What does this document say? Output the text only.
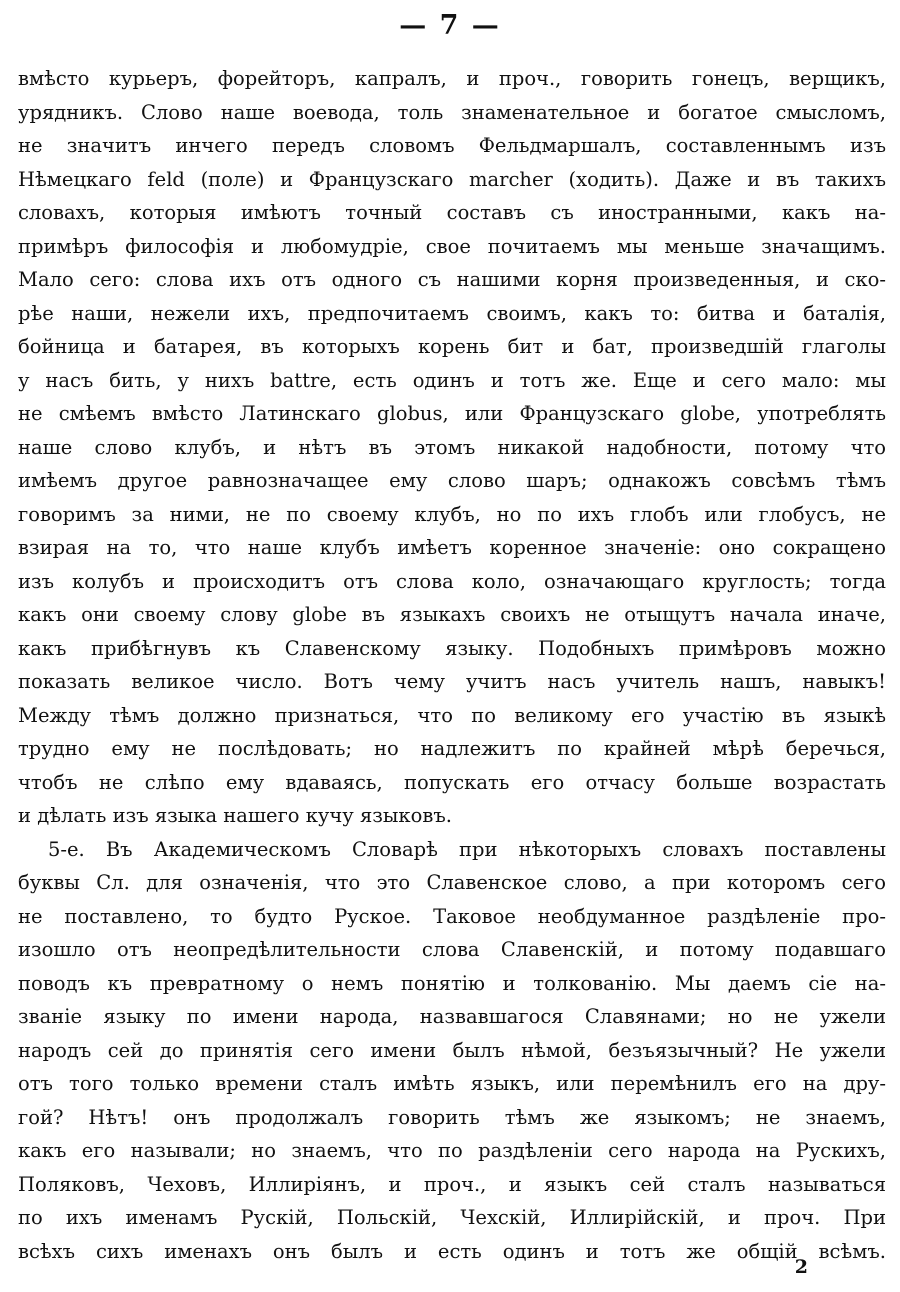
— 7 —
вмѣсто курьеръ, форейторъ, капралъ, и проч., говорить гонецъ, верщикъ,
урядникъ. Слово наше воевода, толь знаменательное и богатое смысломъ,
не значитъ инчего передъ словомъ Фельдмаршалъ, составленнымъ изъ
Нѣмецкаго feld (поле) и Французскаго marcher (ходить). Даже и въ такихъ
словахъ, которыя имѣютъ точный составъ съ иностранными, какъ на-
примѣръ философія и любомудріе, свое почитаемъ мы меньше значащимъ.
Мало сего: слова ихъ отъ одного съ нашими корня произведенныя, и ско-
рѣе наши, нежели ихъ, предпочитаемъ своимъ, какъ то: битва и баталія,
бойница и батарея, въ которыхъ корень бит и бат, произведшій глаголы
у насъ бить, у нихъ battre, есть одинъ и тотъ же. Еще и сего мало: мы
не смѣемъ вмѣсто Латинскаго globus, или Французскаго globe, употреблять
наше слово клубъ, и нѣтъ въ этомъ никакой надобности, потому что
имѣемъ другое равнозначащее ему слово шаръ; однакожъ совсѣмъ тѣмъ
говоримъ за ними, не по своему клубъ, но по ихъ глобъ или глобусъ, не
взирая на то, что наше клубъ имѣетъ коренное значеніе: оно сокращено
изъ колубъ и происходитъ отъ слова коло, означающаго круглость; тогда
какъ они своему слову globe въ языкахъ своихъ не отыщутъ начала иначе,
какъ прибѣгнувъ къ Славенскому языку. Подобныхъ примѣровъ можно
показать великое число. Вотъ чему учитъ насъ учитель нашъ, навыкъ!
Между тѣмъ должно признаться, что по великому его участію въ языкѣ
трудно ему не послѣдовать; но надлежитъ по крайней мѣрѣ беречься,
чтобъ не слѣпо ему вдаваясь, попускать его отчасу больше возрастать
и дѣлать изъ языка нашего кучу языковъ.
5-е. Въ Академическомъ Словарѣ при нѣкоторыхъ словахъ поставлены
буквы Сл. для означенія, что это Славенское слово, а при которомъ сего
не поставлено, то будто Руское. Таковое необдуманное раздѣленіе про-
изошло отъ неопредѣлительности слова Славенскій, и потому подавшаго
поводъ къ превратному о немъ понятію и толкованію. Мы даемъ сіе на-
званіе языку по имени народа, назвавшагося Славянами; но не ужели
народъ сей до принятія сего имени былъ нѣмой, безъязычный? Не ужели
отъ того только времени сталъ имѣть языкъ, или перемѣнилъ его на дру-
гой? Нѣтъ! онъ продолжалъ говорить тѣмъ же языкомъ; не знаемъ,
какъ его называли; но знаемъ, что по раздѣленіи сего народа на Рускихъ,
Поляковъ, Чеховъ, Иллиріянъ, и проч., и языкъ сей сталъ называться
по ихъ именамъ Рускій, Польскій, Чехскій, Иллирійскій, и проч. При
всѣхъ сихъ именахъ онъ былъ и есть одинъ и тотъ же общій всѣмъ.
2
